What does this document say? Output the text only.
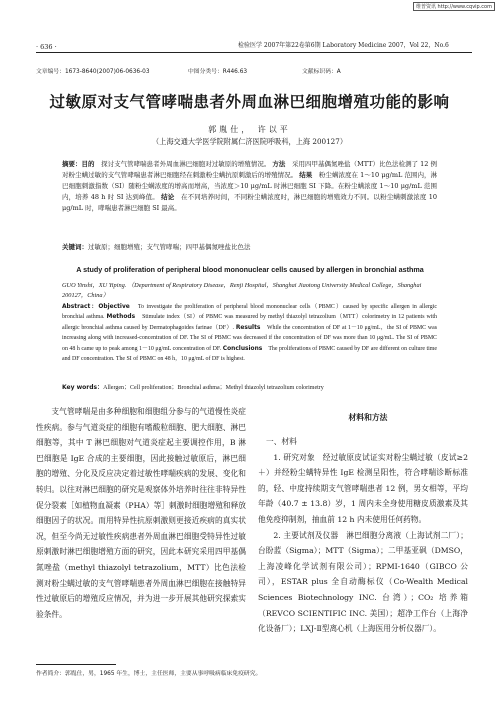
维普资讯 http://www.cqvip.com
· 636 ·	检验医学 2007年第22卷第6期 Laboratory Medicine 2007，Vol 22，No.6
文章编号：1673-8640(2007)06-0636-03	中图分类号：R446.63	文献标识码：A
过敏原对支气管哮喘患者外周血淋巴细胞增殖功能的影响
郭胤仕， 许以平
（上海交通大学医学院附属仁济医院呼吸科，上海 200127）
摘要：目的　 探讨支气管哮喘患者外周血淋巴细胞对过敏原的增殖情况。 方法　 采用四甲基偶氮唑盐（MTT）比色法检测了 12 例对粉尘螨过敏的支气管哮喘患者淋巴细胞经在刺激粉尘螨抗原刺激后的增殖情况。 结果　 粉尘螨浓度在 1～10 μg/mL 范围内，淋巴细胞刺激指数（SI）随粉尘螨浓度的增高而增高，当浓度＞10 μg/mL 时淋巴细胞 SI 下降。在粉尘螨浓度 1～10 μg/mL 范围内，培养 48 h 时 SI 达到峰值。 结论　 在不同培养时间，不同粉尘螨浓度时，淋巴细胞的增殖效力不同。以粉尘螨刺激浓度 10 μg/mL 时，哮喘患者淋巴细胞 SI 最高。
关键词：过敏原；细胞增殖；支气管哮喘；四甲基偶氮唑盐比色法
A study of proliferation of peripheral blood mononuclear cells caused by allergen in bronchial asthma
GUO Yinshi，XU Yiping. （Department of Respiratory Disease，Renji Hospital，Shanghai Jiaotong University Medical College，Shanghai 200127，China）
Abstract：Objective　 To investigate the proliferation of peripheral blood mononuclear cells（PBMC）caused by specific allergen in allergic bronchial asthma. Methods　 Stimulate index（SI）of PBMC was measured by methyl thiazolyl tetrazolium（MTT）colorimetry in 12 patients with allergic bronchial asthma caused by Dermatophagoides farinae（DF）. Results　 While the concentration of DF at 1－10 μg/mL，the SI of PBMC was increasing along with increased-concentration of DF. The SI of PBMC was decreased if the concentration of DF was more than 10 μg/mL. The SI of PBMC on 48 h came up to peak among 1－10 μg/mL concentration of DF. Conclusions　 The proliferations of PBMC caused by DF are different on culture time and DF concentration. The SI of PBMC on 48 h，10 μg/mL of DF is highest.
Key words：Allergen；Cell proliferation；Bronchial asthma；Methyl thiazolyl tetrazolium colorimetry

支气管哮喘是由多种细胞和细胞组分参与的气道慢性炎症性疾病。参与气道炎症的细胞有嗜酸粒细胞、肥大细胞、淋巴细胞等，其中 T 淋巴细胞对气道炎症起主要调控作用，B 淋巴细胞是 IgE 合成的主要细胞，因此接触过敏原后，淋巴细胞的增殖、分化及反应决定着过敏性哮喘疾病的发展、变化和转归。以往对淋巴细胞的研究是观察体外培养时往往非特异性促分裂素［如植物血凝素（PHA）等］刺激时细胞增殖和释放细胞因子的状况。而用特异性抗原刺激则更接近疾病的真实状况，但至今尚无过敏性疾病患者外周血淋巴细胞受特异性过敏原刺激时淋巴细胞增殖方面的研究，因此本研究采用四甲基偶氮唑盐（methyl thiazolyl tetrazolium，MTT）比色法检测对粉尘螨过敏的支气管哮喘患者外周血淋巴细胞在接触特异性过敏原后的增殖反应情况，并为进一步开展其他研究探索实验条件。

材料和方法
一、材料

1. 研究对象　经过敏原皮试证实对粉尘螨过敏（皮试≥2＋）并经粉尘螨特异性 IgE 检测呈阳性，符合哮喘诊断标准的，轻、中度持续期支气管哮喘患者 12 例，男女相等，平均年龄（40.7 ± 13.8）岁，1 周内未全身使用糖皮质激素及其他免疫抑制剂，抽血前 12 h 内未使用任何药物。

2. 主要试剂及仪器　淋巴细胞分离液（上海试剂二厂）；台盼蓝（Sigma）；MTT（Sigma）；二甲基亚砜（DMSO，上海凌峰化学试剂有限公司）；RPMI-1640（GIBCO 公司），ESTAR plus 全自动酶标仪（Co-Wealth Medical Sciences Biotechnology INC. 台湾）；CO₂ 培养箱（REVCO SCIENTIFIC INC. 美国）；超净工作台（上海净化设备厂）；LXJ-Ⅱ型离心机（上海医用分析仪器厂）。

作者简介：郭胤仕，男，1965 年生，博士，主任医师，主要从事呼吸病临床免疫研究。
